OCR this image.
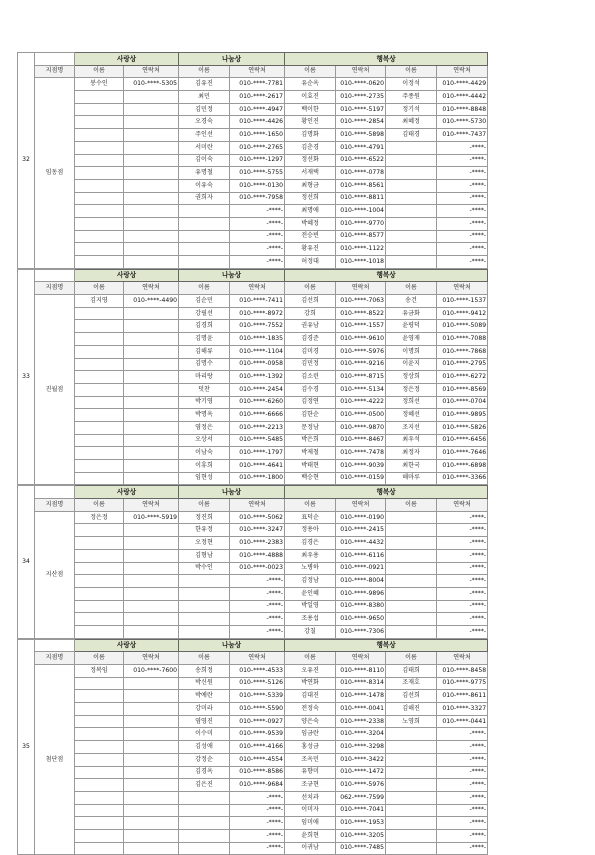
32		사랑상		나눔상		행복상			
	지점명	이름	연락처	이름	연락처	이름	연락처	이름	연락처
	임동점	봉수인	010-****-5305	김유진	010-****-7781	유순옥	010-****-0620	이정석	010-****-4429
				최민	010-****-2617	이효진	010-****-2735	주종원	010-****-4442
				김민정	010-****-4947	백이한	010-****-5197	정기석	010-****-8848
				오경숙	010-****-4426	황인진	010-****-2854	최혜정	010-****-5730
				주인선	010-****-1650	김명화	010-****-5898	김태경	010-****-7437
				서미란	010-****-2765	김춘경	010-****-4791		-****-
				김이숙	010-****-1297	정선화	010-****-6522		-****-
				유명철	010-****-5755	서재택	010-****-0778		-****-
				이유숙	010-****-0130	최형금	010-****-8561		-****-
				권희자	010-****-7958	정선희	010-****-8811		-****-
					-****-	최명애	010-****-1004		-****-
					-****-	박혜정	010-****-9770		-****-
					-****-	전승빈	010-****-8577		-****-
					-****-	황유진	010-****-1122		-****-
					-****-	허정대	010-****-1018		-****-
33		사랑상		나눔상		행복상			
	지점명	이름	연락처	이름	연락처	이름	연락처	이름	연락처
	진월점	김지영	010-****-4490	김순민	010-****-7411	김선희	010-****-7063	송건	010-****-1537
				강필선	010-****-8972	강희	010-****-8522	유금화	010-****-9412
				김경희	010-****-7552	권유남	010-****-1557	윤평덕	010-****-5089
				김명윤	010-****-1835	김경준	010-****-9610	윤영재	010-****-7088
				김해류	010-****-1104	김미경	010-****-5976	이명희	010-****-7868
				김명수	010-****-0958	김민정	010-****-9216	이윤지	010-****-2795
				마리랑	010-****-1392	김소린	010-****-8715	정상희	010-****-6272
				덧찬	010-****-2454	김수경	010-****-5134	정은정	010-****-8569
				박기영	010-****-6260	김정연	010-****-4222	정희선	010-****-0704
				박명옥	010-****-6666	김한순	010-****-0500	정혜선	010-****-9895
				염정은	010-****-2213	문정남	010-****-9870	조지선	010-****-5826
				오상서	010-****-5485	박은희	010-****-8467	최우석	010-****-6456
				이남숙	010-****-1797	박제철	010-****-7478	최정자	010-****-7646
				이휴희	010-****-4641	박태현	010-****-9039	최한국	010-****-6898
				임현성	010-****-1800	백승현	010-****-0159	해마루	010-****-3366
34		사랑상		나눔상		행복상			
	지점명	이름	연락처	이름	연락처	이름	연락처	이름	연락처
	지산점	정은정	010-****-5919	정진희	010-****-5062	표덕순	010-****-0190		-****-
				한유정	010-****-3247	정용아	010-****-2415		-****-
				오정현	010-****-2383	김경은	010-****-4432		-****-
				김형남	010-****-4888	최우용	010-****-6116		-****-
				박수인	010-****-0023	노병하	010-****-0921		-****-
					-****-	김정남	010-****-8004		-****-
					-****-	윤인혜	010-****-9896		-****-
					-****-	박일영	010-****-8380		-****-
					-****-	조용섭	010-****-9650		-****-
					-****-	강칠	010-****-7306		-****-
35		사랑상		나눔상		행복상			
	지점명	이름	연락처	이름	연락처	이름	연락처	이름	연락처
	첨단점	정복임	010-****-7600	송희정	010-****-4533	오유진	010-****-8110	김태희	010-****-8458
				박신원	010-****-5126	박연화	010-****-8314	조재호	010-****-9775
				박예란	010-****-5339	김대진	010-****-1478	김선희	010-****-8611
				강미라	010-****-5590	전정숙	010-****-0041	김해진	010-****-3327
				염영진	010-****-0927	양은숙	010-****-2338	노영희	010-****-0441
				이수미	010-****-9539	임금란	010-****-3204		-****-
				김성애	010-****-4166	홍성금	010-****-3298		-****-
				강정순	010-****-4554	조옥민	010-****-3422		-****-
				김경옥	010-****-8586	유향미	010-****-1472		-****-
				김은진	010-****-9684	조규현	010-****-5976		-****-
					-****-	선치과	062-****-7599		-****-
					-****-	이미자	010-****-7041		-****-
					-****-	임미애	010-****-1953		-****-
					-****-	윤희현	010-****-3205		-****-
					-****-	이귀남	010-****-7485		-****-
